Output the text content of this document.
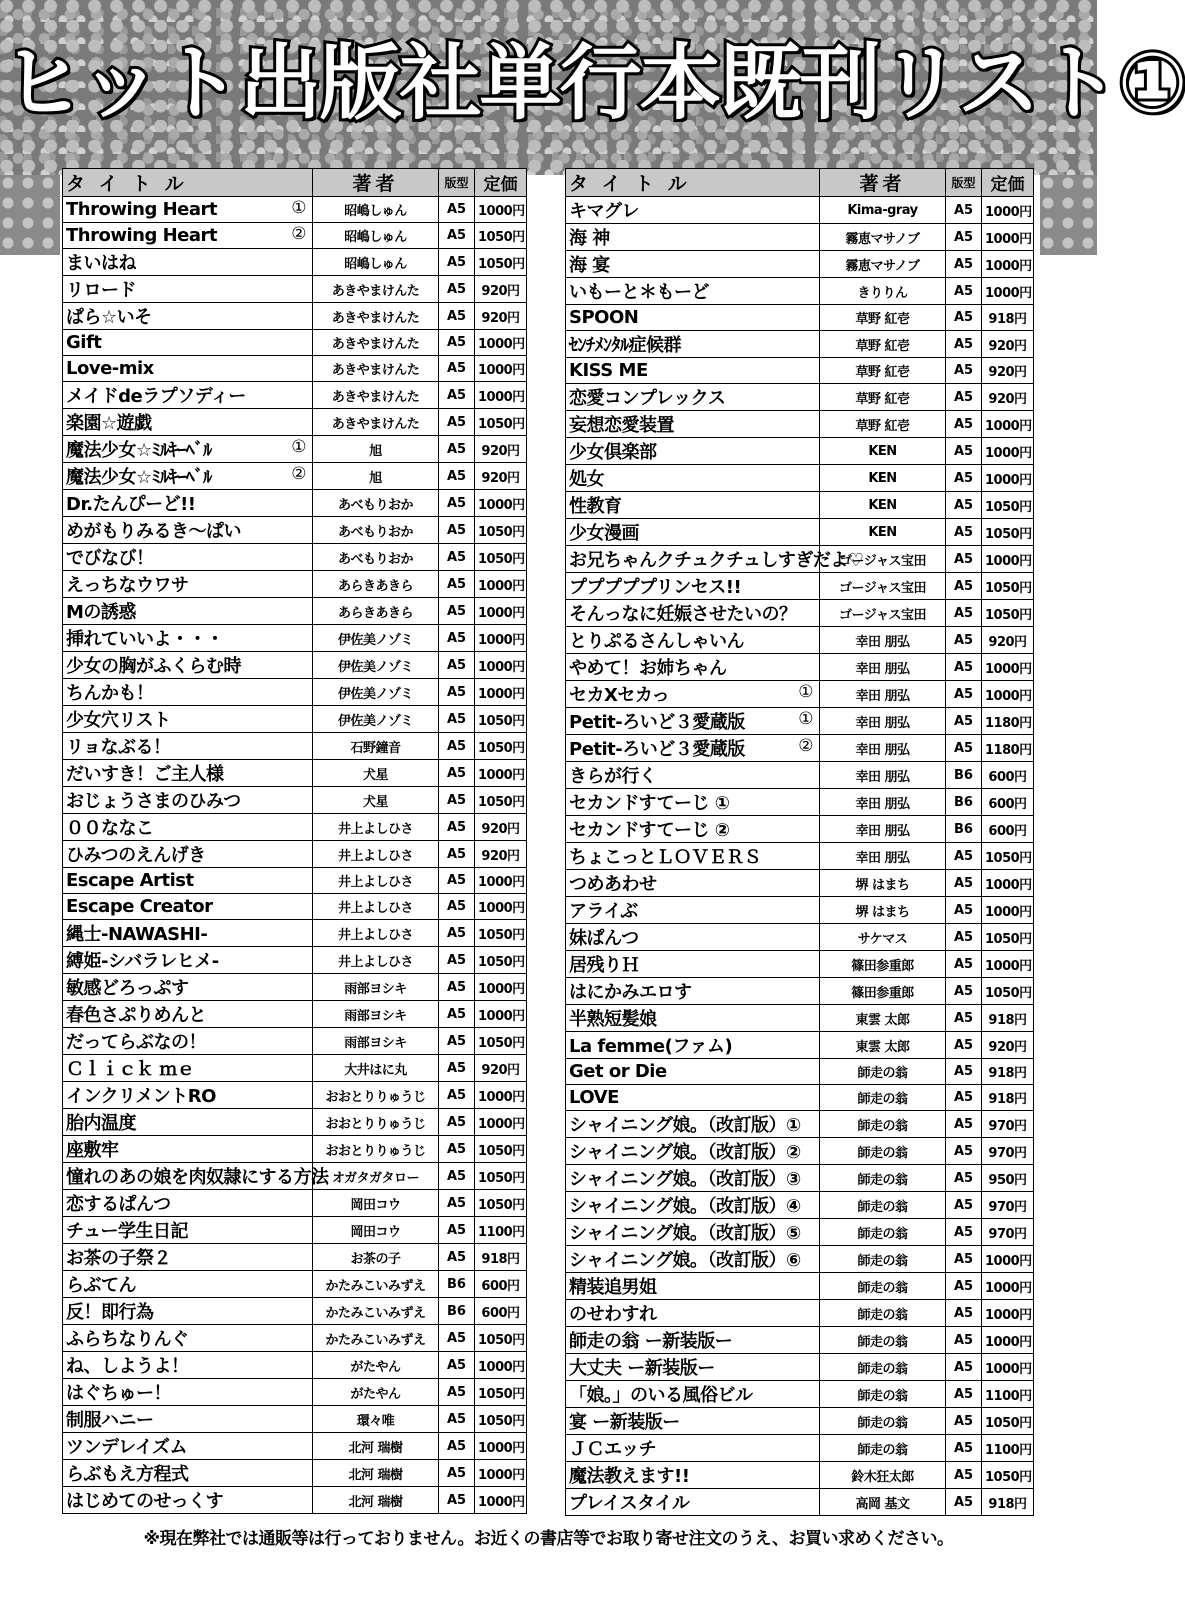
ヒット出版社単行本既刊リスト①
タイトル	著者	版型	定価
Throwing Heart ①	昭嶋しゅん	A5	1000円
Throwing Heart ②	昭嶋しゅん	A5	1050円
まいはね	昭嶋しゅん	A5	1050円
リロード	あきやまけんた	A5	920円
ぱら☆いそ	あきやまけんた	A5	920円
Gift	あきやまけんた	A5	1000円
Love-mix	あきやまけんた	A5	1000円
メイドdeラプソディー	あきやまけんた	A5	1000円
楽園☆遊戯	あきやまけんた	A5	1050円
魔法少女☆ﾐﾙｷｰﾍﾞﾙ ①	旭	A5	920円
魔法少女☆ﾐﾙｷｰﾍﾞﾙ ②	旭	A5	920円
Dr.たんぴーど!!	あべもりおか	A5	1000円
めがもりみるき～ぱい	あべもりおか	A5	1050円
でびなび！	あべもりおか	A5	1050円
えっちなウワサ	あらきあきら	A5	1000円
Mの誘惑	あらきあきら	A5	1000円
挿れていいよ・・・	伊佐美ノゾミ	A5	1000円
少女の胸がふくらむ時	伊佐美ノゾミ	A5	1000円
ちんかも！	伊佐美ノゾミ	A5	1000円
少女穴リスト	伊佐美ノゾミ	A5	1050円
リョなぶる！	石野鐘音	A5	1050円
だいすき！ご主人様	犬星	A5	1000円
おじょうさまのひみつ	犬星	A5	1050円
００ななこ	井上よしひさ	A5	920円
ひみつのえんげき	井上よしひさ	A5	920円
Escape Artist	井上よしひさ	A5	1000円
Escape Creator	井上よしひさ	A5	1000円
縄士-NAWASHI-	井上よしひさ	A5	1050円
縛姫-シバラレヒメ-	井上よしひさ	A5	1050円
敏感どろっぷす	雨部ヨシキ	A5	1000円
春色さぷりめんと	雨部ヨシキ	A5	1000円
だってらぶなの！	雨部ヨシキ	A5	1050円
Ｃｌｉｃｋ ｍｅ	大井はに丸	A5	920円
インクリメントRO	おおとりりゅうじ	A5	1000円
胎内温度	おおとりりゅうじ	A5	1000円
座敷牢	おおとりりゅうじ	A5	1050円
憧れのあの娘を肉奴隷にする方法	オガタガタロー	A5	1050円
恋するぱんつ	岡田コウ	A5	1050円
チュー学生日記	岡田コウ	A5	1100円
お茶の子祭２	お茶の子	A5	918円
らぶてん	かたみこいみずえ	B6	600円
反！即行為	かたみこいみずえ	B6	600円
ふらちなりんぐ	かたみこいみずえ	A5	1050円
ね、しようよ！	がたやん	A5	1000円
はぐちゅー！	がたやん	A5	1050円
制服ハニー	環々唯	A5	1050円
ツンデレイズム	北河 瑞樹	A5	1000円
らぶもえ方程式	北河 瑞樹	A5	1000円
はじめてのせっくす	北河 瑞樹	A5	1000円
タイトル	著者	版型	定価
キマグレ	Kima-gray	A5	1000円
海 神	霧恵マサノブ	A5	1000円
海 宴	霧恵マサノブ	A5	1000円
いもーと＊もーど	きりりん	A5	1000円
SPOON	草野 紅壱	A5	918円
ｾﾝﾁﾒﾝﾀﾙ症候群	草野 紅壱	A5	920円
KISS ME	草野 紅壱	A5	920円
恋愛コンプレックス	草野 紅壱	A5	920円
妄想恋愛装置	草野 紅壱	A5	1000円
少女倶楽部	KEN	A5	1000円
処女	KEN	A5	1000円
性教育	KEN	A5	1050円
少女漫画	KEN	A5	1050円
お兄ちゃんクチュクチュしすぎだよ♡	ゴージャス宝田	A5	1000円
プププププリンセス!!	ゴージャス宝田	A5	1050円
そんっなに妊娠させたいの？	ゴージャス宝田	A5	1050円
とりぷるさんしゃいん	幸田 朋弘	A5	920円
やめて！お姉ちゃん	幸田 朋弘	A5	1000円
セカXセカっ ①	幸田 朋弘	A5	1000円
Petit-ろいど３愛蔵版 ①	幸田 朋弘	A5	1180円
Petit-ろいど３愛蔵版 ②	幸田 朋弘	A5	1180円
きらが行く	幸田 朋弘	B6	600円
セカンドすてーじ ①	幸田 朋弘	B6	600円
セカンドすてーじ ②	幸田 朋弘	B6	600円
ちょこっとＬＯＶＥＲＳ	幸田 朋弘	A5	1050円
つめあわせ	堺 はまち	A5	1000円
アライぶ	堺 はまち	A5	1000円
妹ぱんつ	サケマス	A5	1050円
居残りＨ	篠田参重郎	A5	1000円
はにかみエロす	篠田参重郎	A5	1050円
半熟短髪娘	東雲 太郎	A5	918円
La femme(ファム)	東雲 太郎	A5	920円
Get or Die	師走の翁	A5	918円
LOVE	師走の翁	A5	918円
シャイニング娘。（改訂版）①	師走の翁	A5	970円
シャイニング娘。（改訂版）②	師走の翁	A5	970円
シャイニング娘。（改訂版）③	師走の翁	A5	950円
シャイニング娘。（改訂版）④	師走の翁	A5	970円
シャイニング娘。（改訂版）⑤	師走の翁	A5	970円
シャイニング娘。（改訂版）⑥	師走の翁	A5	1000円
精装追男姐	師走の翁	A5	1000円
のせわすれ	師走の翁	A5	1000円
師走の翁 ー新装版ー	師走の翁	A5	1000円
大丈夫 ー新装版ー	師走の翁	A5	1000円
「娘。」のいる風俗ビル	師走の翁	A5	1100円
宴 ー新装版ー	師走の翁	A5	1050円
ＪＣエッチ	師走の翁	A5	1100円
魔法教えます!!	鈴木狂太郎	A5	1050円
プレイスタイル	高岡 基文	A5	918円
※現在弊社では通販等は行っておりません。お近くの書店等でお取り寄せ注文のうえ、お買い求めください。
